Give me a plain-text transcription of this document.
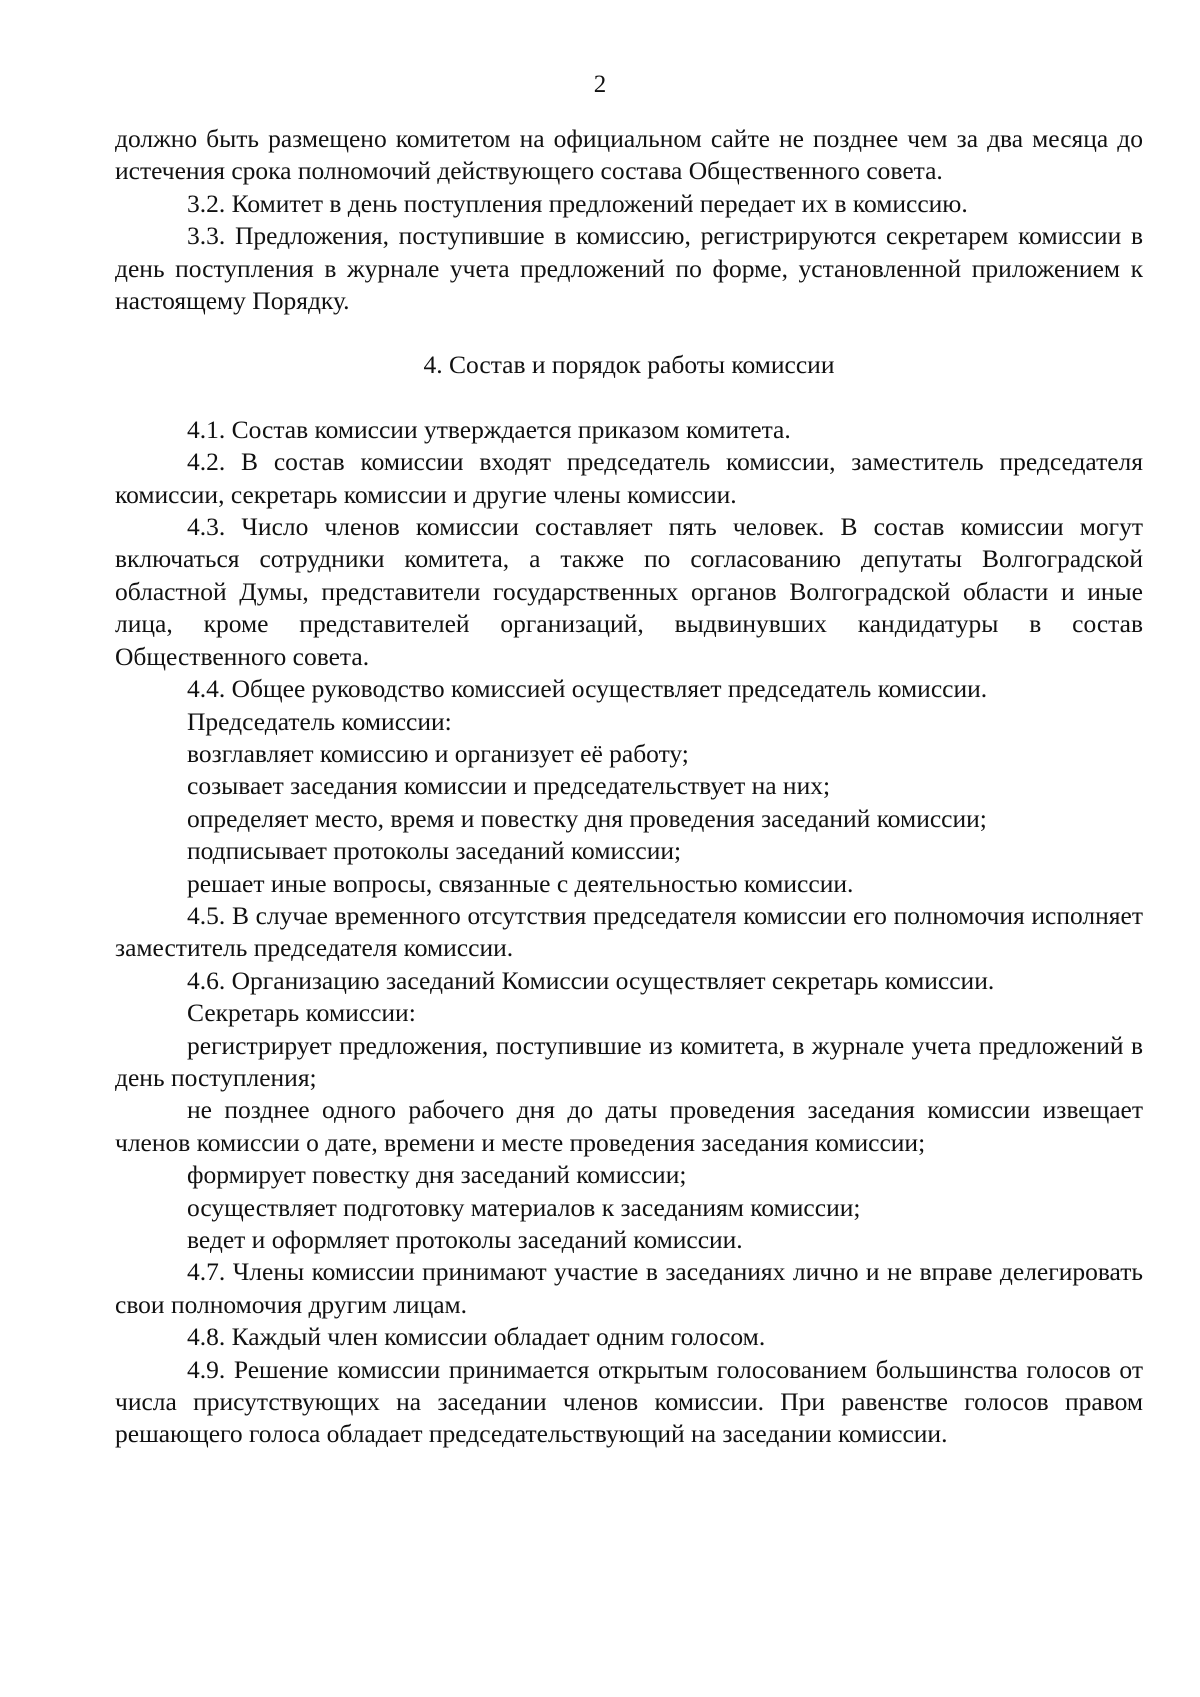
2

должно быть размещено комитетом на официальном сайте не позднее чем за два месяца до истечения срока полномочий действующего состава Общественного совета.

3.2. Комитет в день поступления предложений передает их в комиссию.

3.3. Предложения, поступившие в комиссию, регистрируются секретарем комиссии в день поступления в журнале учета предложений по форме, установленной приложением к настоящему Порядку.

4. Состав и порядок работы комиссии

4.1. Состав комиссии утверждается приказом комитета.

4.2. В состав комиссии входят председатель комиссии, заместитель председателя комиссии, секретарь комиссии и другие члены комиссии.

4.3. Число членов комиссии составляет пять человек. В состав комиссии могут включаться сотрудники комитета, а также по согласованию депутаты Волгоградской областной Думы, представители государственных органов Волгоградской области и иные лица, кроме представителей организаций, выдвинувших кандидатуры в состав Общественного совета.

4.4. Общее руководство комиссией осуществляет председатель комиссии.

Председатель комиссии:

возглавляет комиссию и организует её работу;

созывает заседания комиссии и председательствует на них;

определяет место, время и повестку дня проведения заседаний комиссии;

подписывает протоколы заседаний комиссии;

решает иные вопросы, связанные с деятельностью комиссии.

4.5. В случае временного отсутствия председателя комиссии его полномочия исполняет заместитель председателя комиссии.

4.6. Организацию заседаний Комиссии осуществляет секретарь комиссии.

Секретарь комиссии:

регистрирует предложения, поступившие из комитета, в журнале учета предложений в день поступления;

не позднее одного рабочего дня до даты проведения заседания комиссии извещает членов комиссии о дате, времени и месте проведения заседания комиссии;

формирует повестку дня заседаний комиссии;

осуществляет подготовку материалов к заседаниям комиссии;

ведет и оформляет протоколы заседаний комиссии.

4.7. Члены комиссии принимают участие в заседаниях лично и не вправе делегировать свои полномочия другим лицам.

4.8. Каждый член комиссии обладает одним голосом.

4.9. Решение комиссии принимается открытым голосованием большинства голосов от числа присутствующих на заседании членов комиссии. При равенстве голосов правом решающего голоса обладает председательствующий на заседании комиссии.
